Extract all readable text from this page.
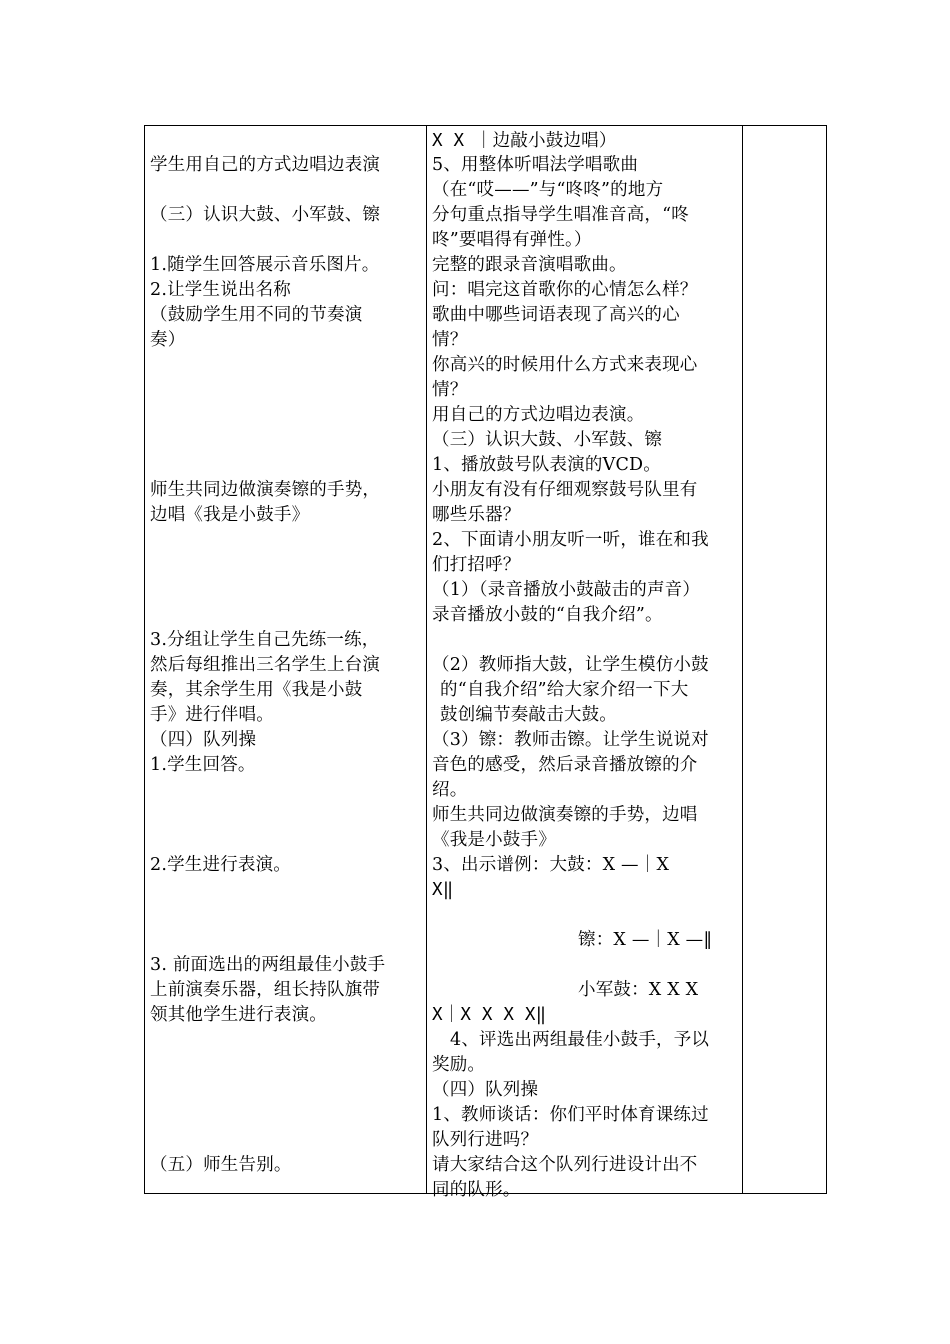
学生用自己的方式边唱边表演
（三）认识大鼓、小军鼓、镲
1.随学生回答展示音乐图片。
2.让学生说出名称
（鼓励学生用不同的节奏演
奏）
师生共同边做演奏镲的手势，
边唱《我是小鼓手》
3.分组让学生自己先练一练，
然后每组推出三名学生上台演
奏，其余学生用《我是小鼓
手》进行伴唱。
（四）队列操
1.学生回答。
2.学生进行表演。
3. 前面选出的两组最佳小鼓手
上前演奏乐器，组长持队旗带
领其他学生进行表演。
（五）师生告别。
X X ｜边敲小鼓边唱）
5、用整体听唱法学唱歌曲
（在“哎——”与“咚咚”的地方
分句重点指导学生唱准音高，“咚
咚”要唱得有弹性。）
完整的跟录音演唱歌曲。
问：唱完这首歌你的心情怎么样？
歌曲中哪些词语表现了高兴的心
情？
你高兴的时候用什么方式来表现心
情？
用自己的方式边唱边表演。
（三）认识大鼓、小军鼓、镲
1、播放鼓号队表演的VCD。
小朋友有没有仔细观察鼓号队里有
哪些乐器？
2、下面请小朋友听一听，谁在和我
们打招呼？
（1）（录音播放小鼓敲击的声音）
录音播放小鼓的“自我介绍”。
（2）教师指大鼓，让学生模仿小鼓
的“自我介绍”给大家介绍一下大
鼓创编节奏敲击大鼓。
（3）镲：教师击镲。让学生说说对
音色的感受，然后录音播放镲的介
绍。
师生共同边做演奏镲的手势，边唱
《我是小鼓手》
3、出示谱例：大鼓：X —｜X
X‖
镲：X —｜X —‖
小军鼓：X X X
X｜X X X X‖
4、评选出两组最佳小鼓手，予以
奖励。
（四）队列操
1、教师谈话：你们平时体育课练过
队列行进吗？
请大家结合这个队列行进设计出不
同的队形。
